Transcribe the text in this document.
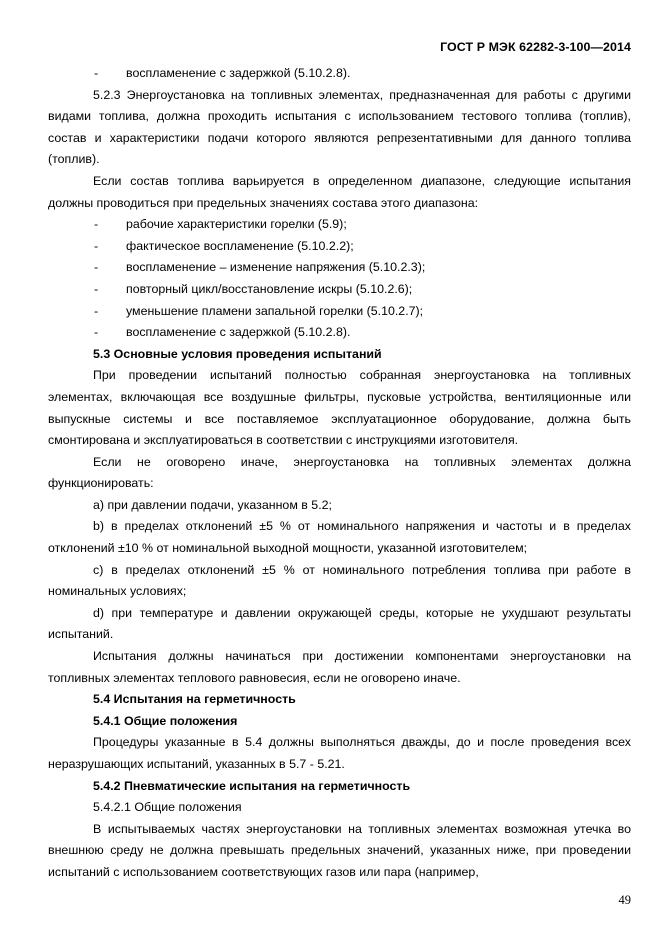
ГОСТ Р МЭК 62282-3-100—2014
- воспламенение с задержкой (5.10.2.8).

5.2.3 Энергоустановка на топливных элементах, предназначенная для работы с другими видами топлива, должна проходить испытания с использованием тестового топлива (топлив), состав и характеристики подачи которого являются репрезентативными для данного топлива (топлив).

Если состав топлива варьируется в определенном диапазоне, следующие испытания должны проводиться при предельных значениях состава этого диапазона:

- рабочие характеристики горелки (5.9);
- фактическое воспламенение (5.10.2.2);
- воспламенение – изменение напряжения (5.10.2.3);
- повторный цикл/восстановление искры (5.10.2.6);
- уменьшение пламени запальной горелки (5.10.2.7);
- воспламенение с задержкой (5.10.2.8).

5.3 Основные условия проведения испытаний

При проведении испытаний полностью собранная энергоустановка на топливных элементах, включающая все воздушные фильтры, пусковые устройства, вентиляционные или выпускные системы и все поставляемое эксплуатационное оборудование, должна быть смонтирована и эксплуатироваться в соответствии с инструкциями изготовителя.

Если не оговорено иначе, энергоустановка на топливных элементах должна функционировать:

а) при давлении подачи, указанном в 5.2;

b) в пределах отклонений ±5 % от номинального напряжения и частоты и в пределах отклонений ±10 % от номинальной выходной мощности, указанной изготовителем;

с) в пределах отклонений ±5 % от номинального потребления топлива при работе в номинальных условиях;

d) при температуре и давлении окружающей среды, которые не ухудшают результаты испытаний.

Испытания должны начинаться при достижении компонентами энергоустановки на топливных элементах теплового равновесия, если не оговорено иначе.

5.4 Испытания на герметичность

5.4.1 Общие положения

Процедуры указанные в 5.4 должны выполняться дважды, до и после проведения всех неразрушающих испытаний, указанных в 5.7 - 5.21.

5.4.2 Пневматические испытания на герметичность

5.4.2.1 Общие положения

В испытываемых частях энергоустановки на топливных элементах возможная утечка во внешнюю среду не должна превышать предельных значений, указанных ниже, при проведении испытаний с использованием соответствующих газов или пара (например,

49
